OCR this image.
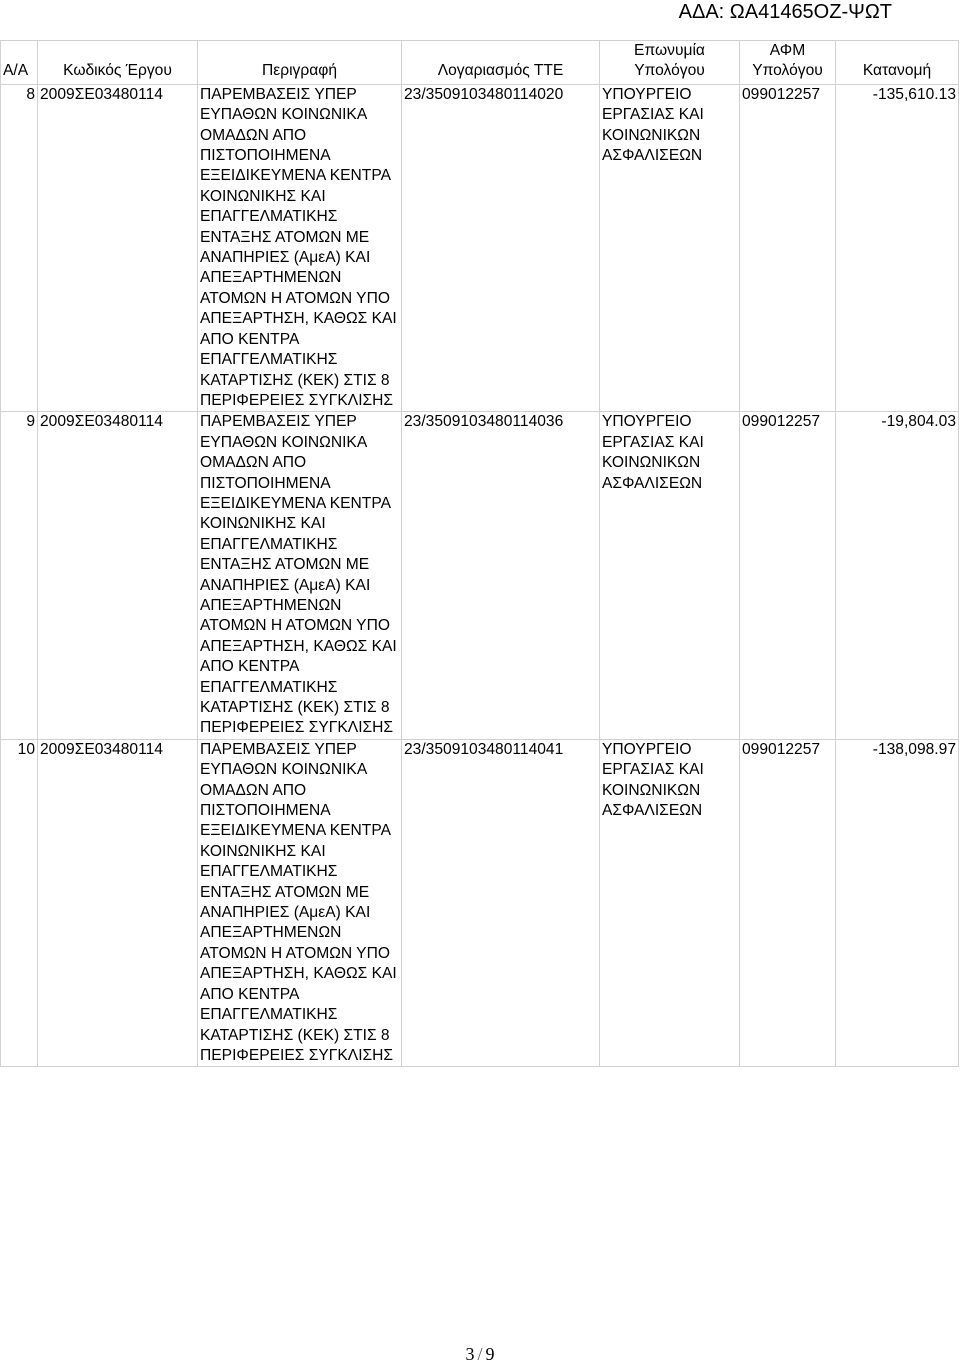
ΑΔΑ: ΩΑ41465ΟΖ-ΨΩΤ
Α/Α	Κωδικός Έργου	Περιγραφή	Λογαριασμός ΤΤΕ	Επωνυμία Υπολόγου	ΑΦΜ Υπολόγου	Κατανομή
8	2009ΣΕ03480114	ΠΑΡΕΜΒΑΣΕΙΣ ΥΠΕΡ ΕΥΠΑΘΩΝ ΚΟΙΝΩΝΙΚΑ ΟΜΑΔΩΝ ΑΠΟ ΠΙΣΤΟΠΟΙΗΜΕΝΑ ΕΞΕΙΔΙΚΕΥΜΕΝΑ ΚΕΝΤΡΑ ΚΟΙΝΩΝΙΚΗΣ ΚΑΙ ΕΠΑΓΓΕΛΜΑΤΙΚΗΣ ΕΝΤΑΞΗΣ ΑΤΟΜΩΝ ΜΕ ΑΝΑΠΗΡΙΕΣ (ΑμεΑ) ΚΑΙ ΑΠΕΞΑΡΤΗΜΕΝΩΝ ΑΤΟΜΩΝ Η ΑΤΟΜΩΝ ΥΠΟ ΑΠΕΞΑΡΤΗΣΗ, ΚΑΘΩΣ ΚΑΙ ΑΠΟ ΚΕΝΤΡΑ ΕΠΑΓΓΕΛΜΑΤΙΚΗΣ ΚΑΤΑΡΤΙΣΗΣ (ΚΕΚ) ΣΤΙΣ 8 ΠΕΡΙΦΕΡΕΙΕΣ ΣΥΓΚΛΙΣΗΣ	23/3509103480114020	ΥΠΟΥΡΓΕΙΟ ΕΡΓΑΣΙΑΣ ΚΑΙ ΚΟΙΝΩΝΙΚΩΝ ΑΣΦΑΛΙΣΕΩΝ	099012257	-135,610.13
9	2009ΣΕ03480114	ΠΑΡΕΜΒΑΣΕΙΣ ΥΠΕΡ ΕΥΠΑΘΩΝ ΚΟΙΝΩΝΙΚΑ ΟΜΑΔΩΝ ΑΠΟ ΠΙΣΤΟΠΟΙΗΜΕΝΑ ΕΞΕΙΔΙΚΕΥΜΕΝΑ ΚΕΝΤΡΑ ΚΟΙΝΩΝΙΚΗΣ ΚΑΙ ΕΠΑΓΓΕΛΜΑΤΙΚΗΣ ΕΝΤΑΞΗΣ ΑΤΟΜΩΝ ΜΕ ΑΝΑΠΗΡΙΕΣ (ΑμεΑ) ΚΑΙ ΑΠΕΞΑΡΤΗΜΕΝΩΝ ΑΤΟΜΩΝ Η ΑΤΟΜΩΝ ΥΠΟ ΑΠΕΞΑΡΤΗΣΗ, ΚΑΘΩΣ ΚΑΙ ΑΠΟ ΚΕΝΤΡΑ ΕΠΑΓΓΕΛΜΑΤΙΚΗΣ ΚΑΤΑΡΤΙΣΗΣ (ΚΕΚ) ΣΤΙΣ 8 ΠΕΡΙΦΕΡΕΙΕΣ ΣΥΓΚΛΙΣΗΣ	23/3509103480114036	ΥΠΟΥΡΓΕΙΟ ΕΡΓΑΣΙΑΣ ΚΑΙ ΚΟΙΝΩΝΙΚΩΝ ΑΣΦΑΛΙΣΕΩΝ	099012257	-19,804.03
10	2009ΣΕ03480114	ΠΑΡΕΜΒΑΣΕΙΣ ΥΠΕΡ ΕΥΠΑΘΩΝ ΚΟΙΝΩΝΙΚΑ ΟΜΑΔΩΝ ΑΠΟ ΠΙΣΤΟΠΟΙΗΜΕΝΑ ΕΞΕΙΔΙΚΕΥΜΕΝΑ ΚΕΝΤΡΑ ΚΟΙΝΩΝΙΚΗΣ ΚΑΙ ΕΠΑΓΓΕΛΜΑΤΙΚΗΣ ΕΝΤΑΞΗΣ ΑΤΟΜΩΝ ΜΕ ΑΝΑΠΗΡΙΕΣ (ΑμεΑ) ΚΑΙ ΑΠΕΞΑΡΤΗΜΕΝΩΝ ΑΤΟΜΩΝ Η ΑΤΟΜΩΝ ΥΠΟ ΑΠΕΞΑΡΤΗΣΗ, ΚΑΘΩΣ ΚΑΙ ΑΠΟ ΚΕΝΤΡΑ ΕΠΑΓΓΕΛΜΑΤΙΚΗΣ ΚΑΤΑΡΤΙΣΗΣ (ΚΕΚ) ΣΤΙΣ 8 ΠΕΡΙΦΕΡΕΙΕΣ ΣΥΓΚΛΙΣΗΣ	23/3509103480114041	ΥΠΟΥΡΓΕΙΟ ΕΡΓΑΣΙΑΣ ΚΑΙ ΚΟΙΝΩΝΙΚΩΝ ΑΣΦΑΛΙΣΕΩΝ	099012257	-138,098.97
3 / 9
